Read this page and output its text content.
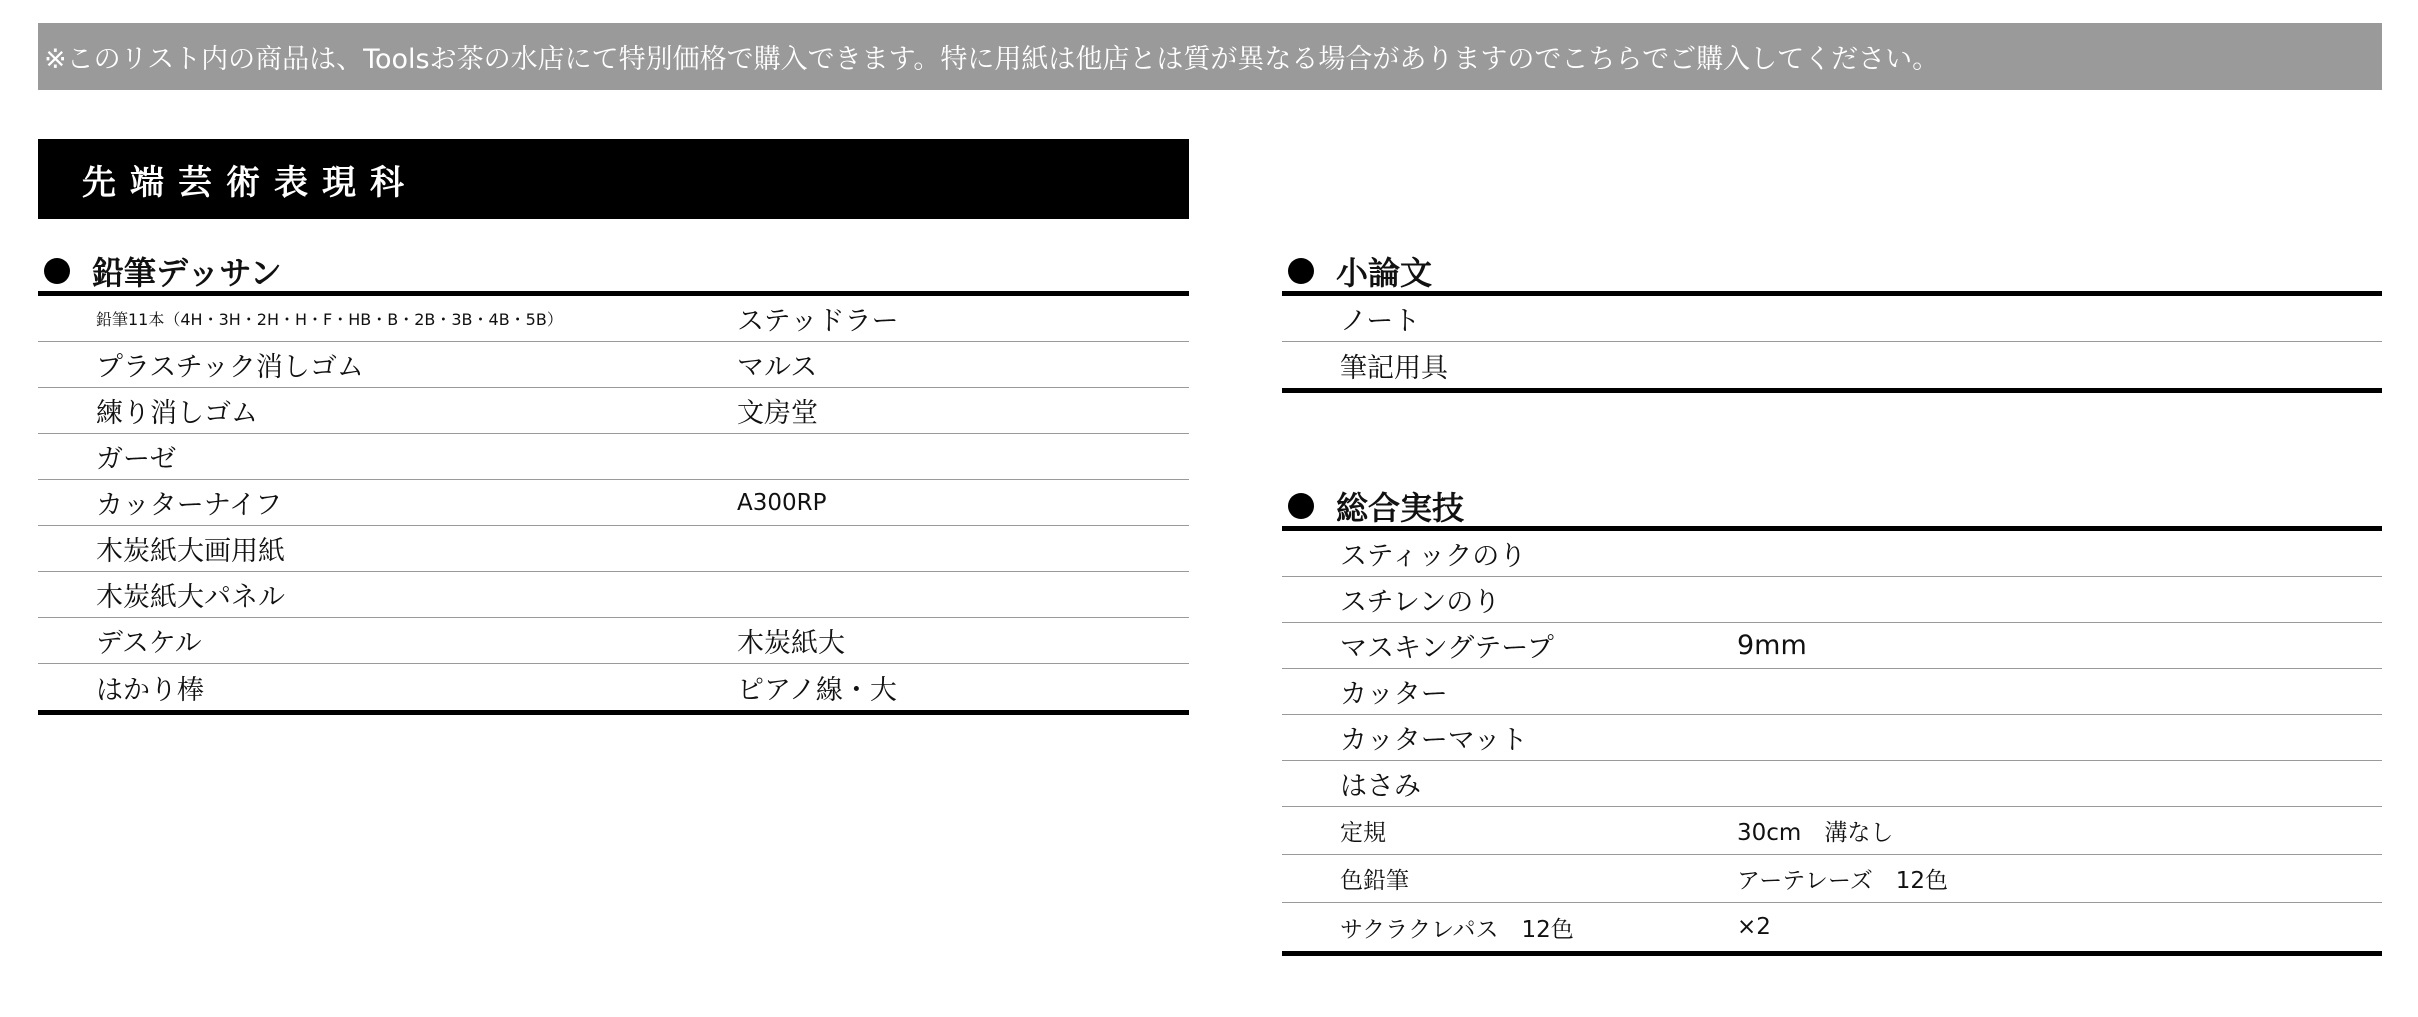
※このリスト内の商品は、Toolsお茶の水店にて特別価格で購入できます。特に用紙は他店とは質が異なる場合がありますのでこちらでご購入してください。
先端芸術表現科
鉛筆デッサン
鉛筆11本（4H・3H・2H・H・F・HB・B・2B・3B・4B・5B）	ステッドラー
プラスチック消しゴム	マルス
練り消しゴム	文房堂
ガーゼ
カッターナイフ	A300RP
木炭紙大画用紙
木炭紙大パネル
デスケル	木炭紙大
はかり棒	ピアノ線・大
小論文
ノート
筆記用具
総合実技
スティックのり
スチレンのり
マスキングテープ	9mm
カッター
カッターマット
はさみ
定規	30cm　溝なし
色鉛筆	アーテレーズ　12色
サクラクレパス　12色	×2
